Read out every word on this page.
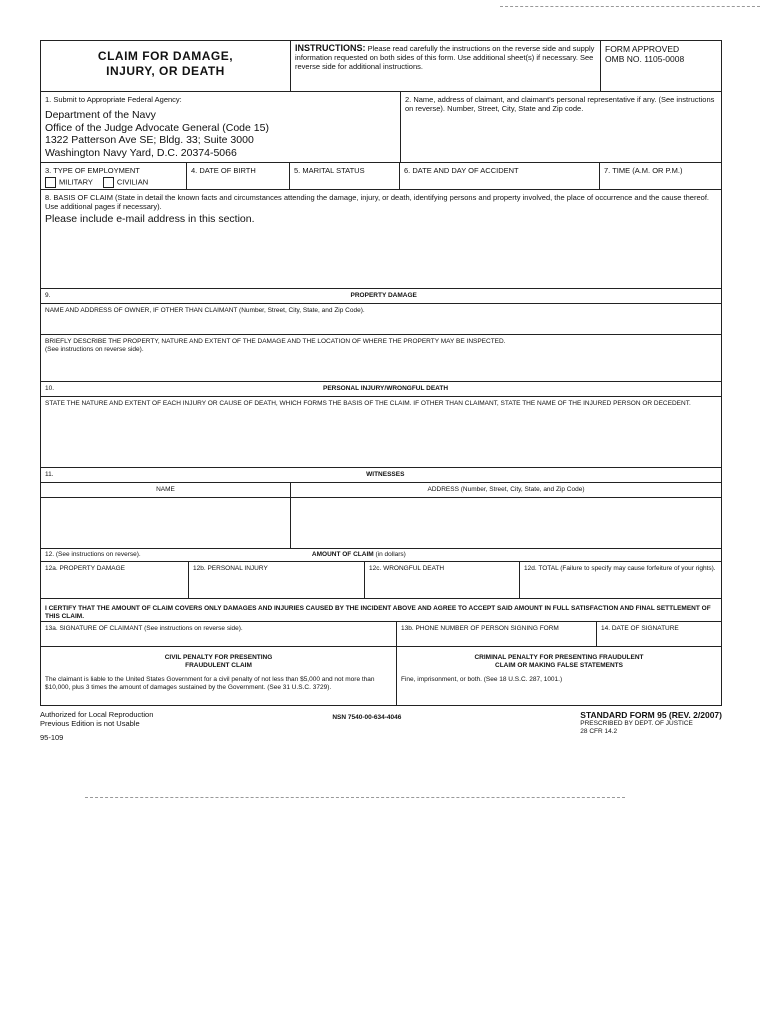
CLAIM FOR DAMAGE,
INJURY, OR DEATH
INSTRUCTIONS: Please read carefully the instructions on the reverse side and supply information requested on both sides of this form. Use additional sheet(s) if necessary. See reverse side for additional instructions.
FORM APPROVED
OMB NO. 1105-0008
1. Submit to Appropriate Federal Agency:
Department of the Navy
Office of the Judge Advocate General (Code 15)
1322 Patterson Ave SE; Bldg. 33; Suite 3000
Washington Navy Yard, D.C. 20374-5066
2. Name, address of claimant, and claimant's personal representative if any. (See instructions on reverse). Number, Street, City, State and Zip code.
3. TYPE OF EMPLOYMENT
MILITARY	CIVILIAN
4. DATE OF BIRTH	5. MARITAL STATUS	6. DATE AND DAY OF ACCIDENT	7. TIME (A.M. OR P.M.)
8. BASIS OF CLAIM (State in detail the known facts and circumstances attending the damage, injury, or death, identifying persons and property involved, the place of occurrence and the cause thereof. Use additional pages if necessary).
Please include e-mail address in this section.
9.	PROPERTY DAMAGE
NAME AND ADDRESS OF OWNER, IF OTHER THAN CLAIMANT (Number, Street, City, State, and Zip Code).
BRIEFLY DESCRIBE THE PROPERTY, NATURE AND EXTENT OF THE DAMAGE AND THE LOCATION OF WHERE THE PROPERTY MAY BE INSPECTED.
(See instructions on reverse side).
10.	PERSONAL INJURY/WRONGFUL DEATH
STATE THE NATURE AND EXTENT OF EACH INJURY OR CAUSE OF DEATH, WHICH FORMS THE BASIS OF THE CLAIM. IF OTHER THAN CLAIMANT, STATE THE NAME OF THE INJURED PERSON OR DECEDENT.
11.	WITNESSES
NAME	ADDRESS (Number, Street, City, State, and Zip Code)
12. (See instructions on reverse).	AMOUNT OF CLAIM (in dollars)
12a. PROPERTY DAMAGE	12b. PERSONAL INJURY	12c. WRONGFUL DEATH	12d. TOTAL (Failure to specify may cause forfeiture of your rights).
I CERTIFY THAT THE AMOUNT OF CLAIM COVERS ONLY DAMAGES AND INJURIES CAUSED BY THE INCIDENT ABOVE AND AGREE TO ACCEPT SAID AMOUNT IN FULL SATISFACTION AND FINAL SETTLEMENT OF THIS CLAIM.
13a. SIGNATURE OF CLAIMANT (See instructions on reverse side).	13b. PHONE NUMBER OF PERSON SIGNING FORM	14. DATE OF SIGNATURE
CIVIL PENALTY FOR PRESENTING
FRAUDULENT CLAIM
The claimant is liable to the United States Government for a civil penalty of not less than $5,000 and not more than $10,000, plus 3 times the amount of damages sustained by the Government. (See 31 U.S.C. 3729).
CRIMINAL PENALTY FOR PRESENTING FRAUDULENT
CLAIM OR MAKING FALSE STATEMENTS
Fine, imprisonment, or both. (See 18 U.S.C. 287, 1001.)
Authorized for Local Reproduction
Previous Edition is not Usable
95-109
NSN 7540-00-634-4046	STANDARD FORM 95 (REV. 2/2007)
PRESCRIBED BY DEPT. OF JUSTICE
28 CFR 14.2
